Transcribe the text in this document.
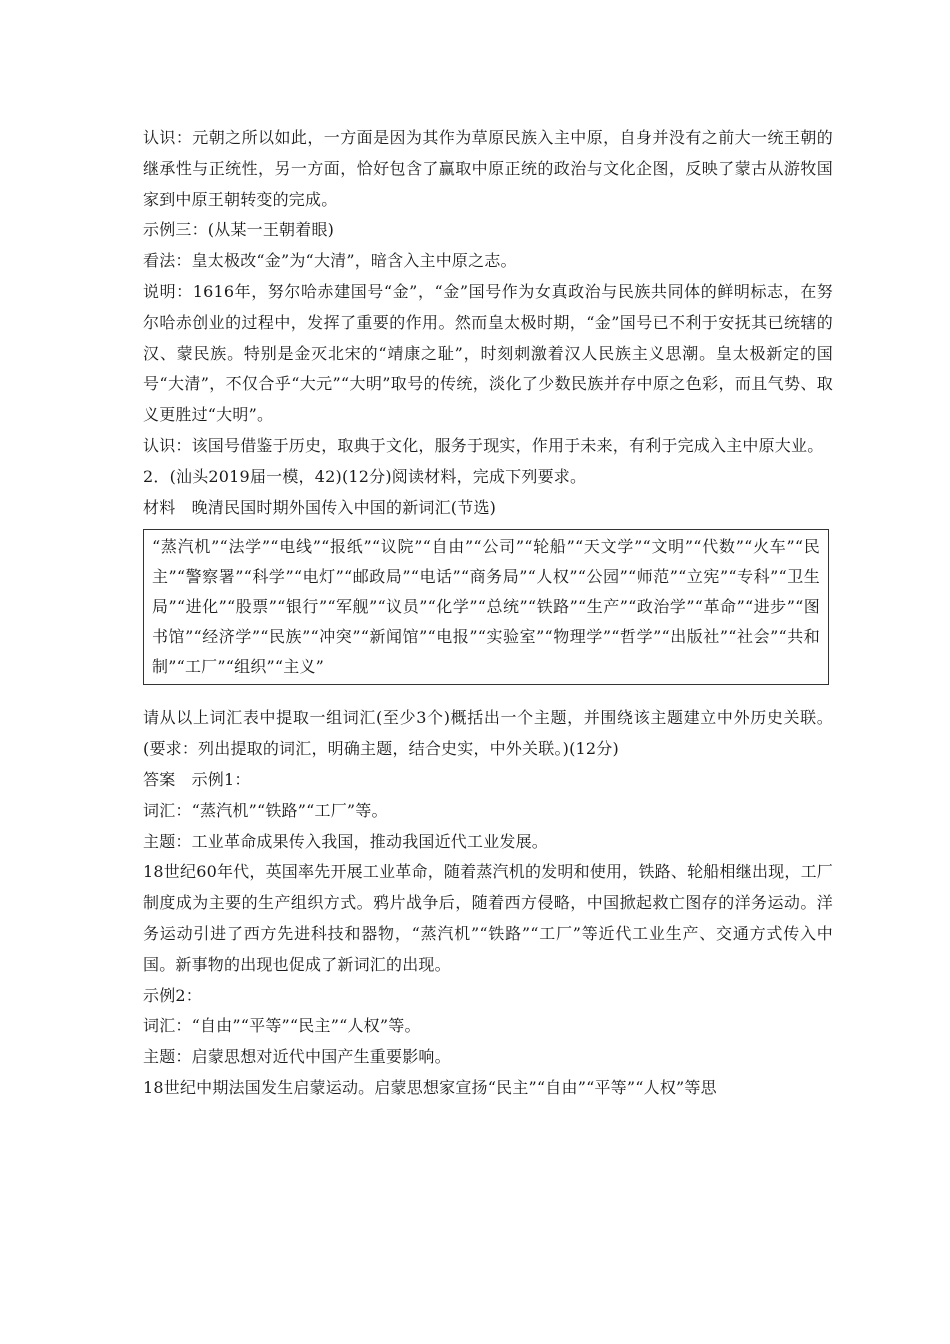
认识：元朝之所以如此，一方面是因为其作为草原民族入主中原，自身并没有之前大一统王朝的继承性与正统性，另一方面，恰好包含了赢取中原正统的政治与文化企图，反映了蒙古从游牧国家到中原王朝转变的完成。

示例三：(从某一王朝着眼)

看法：皇太极改“金”为“大清”，暗含入主中原之志。

说明：1616年，努尔哈赤建国号“金”，“金”国号作为女真政治与民族共同体的鲜明标志，在努尔哈赤创业的过程中，发挥了重要的作用。然而皇太极时期，“金”国号已不利于安抚其已统辖的汉、蒙民族。特别是金灭北宋的“靖康之耻”，时刻刺激着汉人民族主义思潮。皇太极新定的国号“大清”，不仅合乎“大元”“大明”取号的传统，淡化了少数民族并存中原之色彩，而且气势、取义更胜过“大明”。

认识：该国号借鉴于历史，取典于文化，服务于现实，作用于未来，有利于完成入主中原大业。

2．(汕头2019届一模，42)(12分)阅读材料，完成下列要求。

材料　晚清民国时期外国传入中国的新词汇(节选)

“蒸汽机”“法学”“电线”“报纸”“议院”“自由”“公司”“轮船”“天文学”“文明”“代数”“火车”“民主”“警察署”“科学”“电灯”“邮政局”“电话”“商务局”“人权”“公园”“师范”“立宪”“专科”“卫生局”“进化”“股票”“银行”“军舰”“议员”“化学”“总统”“铁路”“生产”“政治学”“革命”“进步”“图书馆”“经济学”“民族”“冲突”“新闻馆”“电报”“实验室”“物理学”“哲学”“出版社”“社会”“共和制”“工厂”“组织”“主义”

请从以上词汇表中提取一组词汇(至少3个)概括出一个主题，并围绕该主题建立中外历史关联。(要求：列出提取的词汇，明确主题，结合史实，中外关联。)(12分)

答案　示例1：

词汇：“蒸汽机”“铁路”“工厂”等。

主题：工业革命成果传入我国，推动我国近代工业发展。

18世纪60年代，英国率先开展工业革命，随着蒸汽机的发明和使用，铁路、轮船相继出现，工厂制度成为主要的生产组织方式。鸦片战争后，随着西方侵略，中国掀起救亡图存的洋务运动。洋务运动引进了西方先进科技和器物，“蒸汽机”“铁路”“工厂”等近代工业生产、交通方式传入中国。新事物的出现也促成了新词汇的出现。

示例2：

词汇：“自由”“平等”“民主”“人权”等。

主题：启蒙思想对近代中国产生重要影响。

18世纪中期法国发生启蒙运动。启蒙思想家宣扬“民主”“自由”“平等”“人权”等思
